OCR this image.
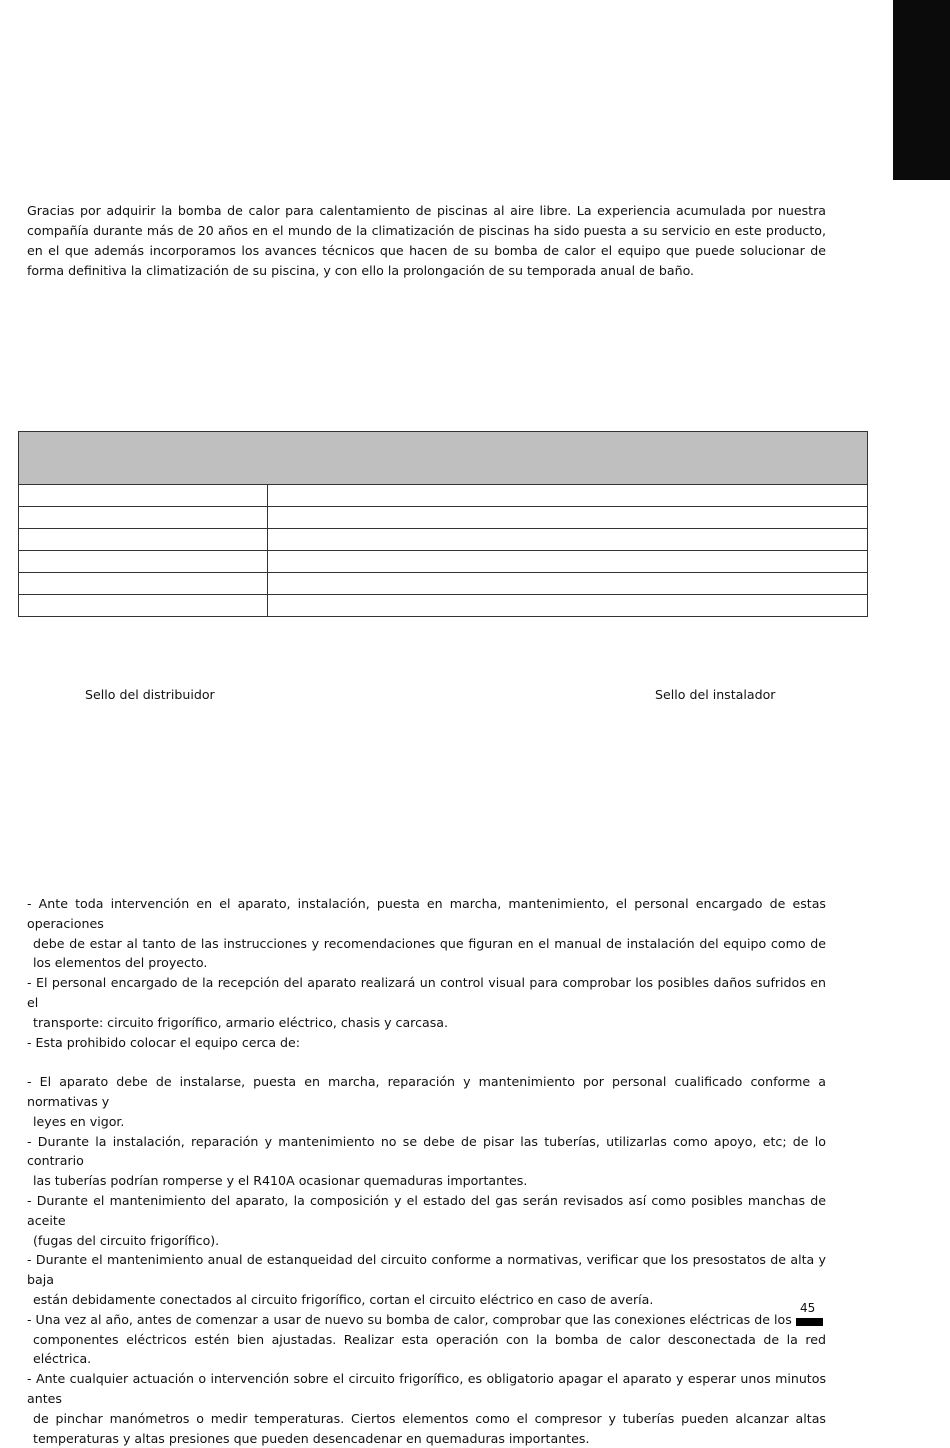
español

Gracias por adquirir la bomba de calor para calentamiento de piscinas al aire libre. La experiencia acumulada por nuestra compañía durante más de 20 años en el mundo de la climatización de piscinas ha sido puesta a su servicio en este producto, en el que además incorporamos los avances técnicos que hacen de su bomba de calor el equipo que puede solucionar de forma definitiva la climatización de su piscina, y con ello la prolongación de su temporada anual de baño.

Sello del distribuidor	Sello del instalador
- Ante toda intervención en el aparato, instalación, puesta en marcha, mantenimiento, el personal encargado de estas operaciones
debe de estar al tanto de las instrucciones y recomendaciones que figuran en el manual de instalación del equipo como de los elementos del proyecto.
- El personal encargado de la recepción del aparato realizará un control visual para comprobar los posibles daños sufridos en el
transporte: circuito frigorífico, armario eléctrico, chasis y carcasa.
- Esta prohibido colocar el equipo cerca de:
- El aparato debe de instalarse, puesta en marcha, reparación y mantenimiento por personal cualificado conforme a normativas y
leyes en vigor.
- Durante la instalación, reparación y mantenimiento no se debe de pisar las tuberías, utilizarlas como apoyo, etc; de lo contrario
las tuberías podrían romperse y el R410A ocasionar quemaduras importantes.
- Durante el mantenimiento del aparato, la composición y el estado del gas serán revisados así como posibles manchas de aceite
(fugas del circuito frigorífico).
- Durante el mantenimiento anual de estanqueidad del circuito conforme a normativas, verificar que los presostatos de alta y baja
están debidamente conectados al circuito frigorífico, cortan el circuito eléctrico en caso de avería.
- Una vez al año, antes de comenzar a usar de nuevo su bomba de calor, comprobar que las conexiones eléctricas de los
componentes eléctricos estén bien ajustadas. Realizar esta operación con la bomba de calor desconectada de la red eléctrica.
- Ante cualquier actuación o intervención sobre el circuito frigorífico, es obligatorio apagar el aparato y esperar unos minutos antes
de pinchar manómetros o medir temperaturas. Ciertos elementos como el compresor y tuberías pueden alcanzar altas temperaturas y altas presiones que pueden desencadenar en quemaduras importantes.
45
